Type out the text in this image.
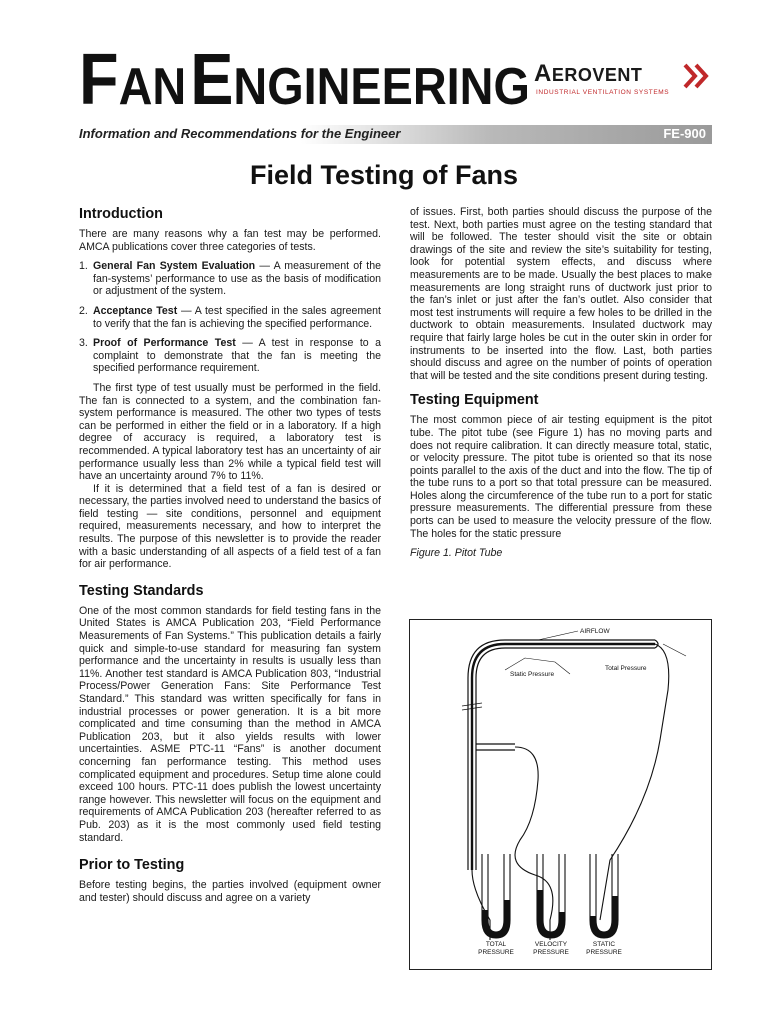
FAN ENGINEERING AEROVENT
INDUSTRIAL VENTILATION SYSTEMS
Information and Recommendations for the Engineer	FE-900
Field Testing of Fans
Introduction

There are many reasons why a fan test may be performed. AMCA publications cover three categories of tests.

1. General Fan System Evaluation — A measurement of the fan-systems’ performance to use as the basis of modification or adjustment of the system.
2. Acceptance Test — A test specified in the sales agreement to verify that the fan is achieving the specified performance.
3. Proof of Performance Test — A test in response to a complaint to demonstrate that the fan is meeting the specified performance requirement.

The first type of test usually must be performed in the field. The fan is connected to a system, and the combination fan-system performance is measured. The other two types of tests can be performed in either the field or in a laboratory. If a high degree of accuracy is required, a laboratory test is recommended. A typical laboratory test has an uncertainty of air performance usually less than 2% while a typical field test will have an uncertainty around 7% to 11%.

If it is determined that a field test of a fan is desired or necessary, the parties involved need to understand the basics of field testing — site conditions, personnel and equipment required, measurements necessary, and how to interpret the results. The purpose of this newsletter is to provide the reader with a basic understanding of all aspects of a field test of a fan for air performance.

Testing Standards

One of the most common standards for field testing fans in the United States is AMCA Publication 203, “Field Performance Measurements of Fan Systems.” This publication details a fairly quick and simple-to-use standard for measuring fan system performance and the uncertainty in results is usually less than 11%. Another test standard is AMCA Publication 803, “Industrial Process/Power Generation Fans: Site Performance Test Standard.” This standard was written specifically for fans in industrial processes or power generation. It is a bit more complicated and time consuming than the method in AMCA Publication 203, but it also yields results with lower uncertainties. ASME PTC-11 “Fans” is another document concerning fan performance testing. This method uses complicated equipment and procedures. Setup time alone could exceed 100 hours. PTC-11 does publish the lowest uncertainty range however. This newsletter will focus on the equipment and requirements of AMCA Publication 203 (hereafter referred to as Pub. 203) as it is the most commonly used field testing standard.

Prior to Testing

Before testing begins, the parties involved (equipment owner and tester) should discuss and agree on a variety

of issues. First, both parties should discuss the purpose of the test. Next, both parties must agree on the testing standard that will be followed. The tester should visit the site or obtain drawings of the site and review the site’s suitability for testing, look for potential system effects, and discuss where measurements are to be made. Usually the best places to make measurements are long straight runs of ductwork just prior to the fan’s inlet or just after the fan’s outlet. Also consider that most test instruments will require a few holes to be drilled in the ductwork to obtain measurements. Insulated ductwork may require that fairly large holes be cut in the outer skin in order for instruments to be inserted into the flow. Last, both parties should discuss and agree on the number of points of operation that will be tested and the site conditions present during testing.

Testing Equipment

The most common piece of air testing equipment is the pitot tube. The pitot tube (see Figure 1) has no moving parts and does not require calibration. It can directly measure total, static, or velocity pressure. The pitot tube is oriented so that its nose points parallel to the axis of the duct and into the flow. The tip of the tube runs to a port so that total pressure can be measured. Holes along the circumference of the tube run to a port for static pressure measurements. The differential pressure from these ports can be used to measure the velocity pressure of the flow. The holes for the static pressure

Figure 1. Pitot Tube
AIRFLOW
Total Pressure
Static Pressure
TOTAL
PRESSURE
VELOCITY
PRESSURE
STATIC
PRESSURE
